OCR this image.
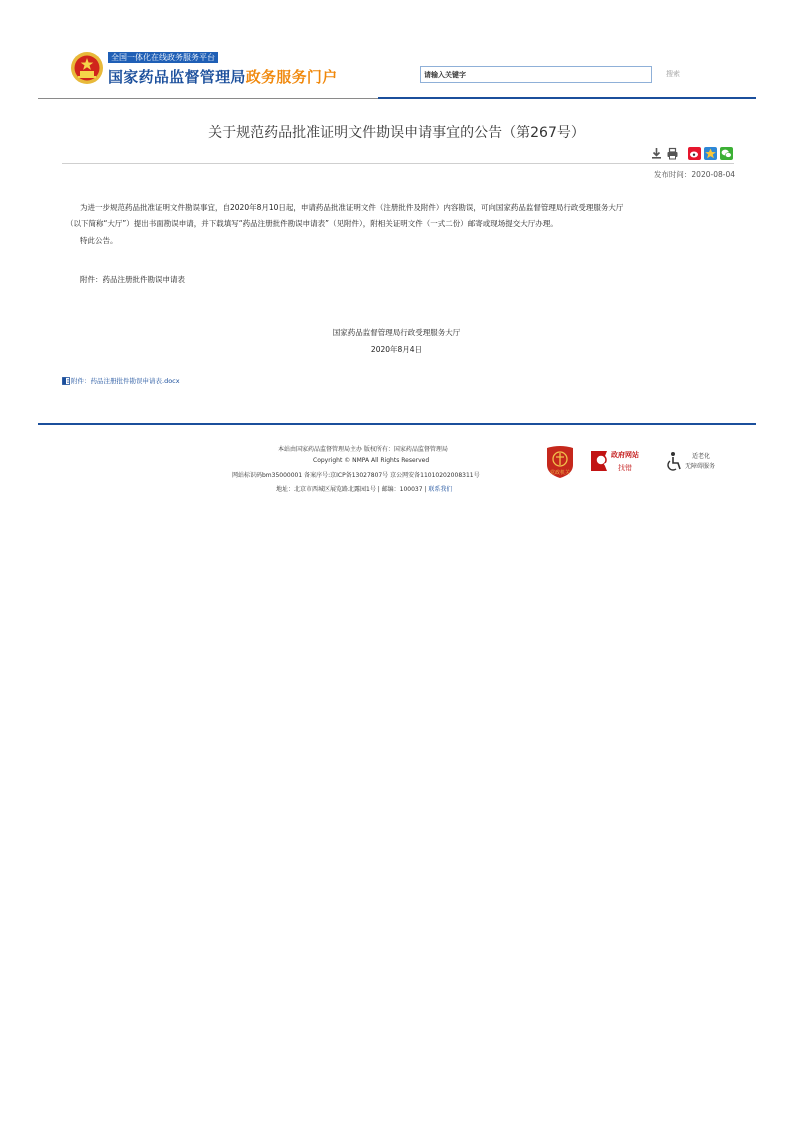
全国一体化在线政务服务平台
国家药品监督管理局政务服务门户
请输入关键字	搜索
关于规范药品批准证明文件勘误申请事宜的公告（第267号）
发布时间：2020-08-04
为进一步规范药品批准证明文件勘误事宜，自2020年8月10日起，申请药品批准证明文件（注册批件及附件）内容勘误，可向国家药品监督管理局行政受理服务大厅
（以下简称“大厅”）提出书面勘误申请，并下载填写“药品注册批件勘误申请表”（见附件），附相关证明文件（一式二份）邮寄或现场提交大厅办理。
特此公告。
附件：药品注册批件勘误申请表
国家药品监督管理局行政受理服务大厅
2020年8月4日
附件：药品注册批件勘误申请表.docx
本站由国家药品监督管理局主办 版权所有：国家药品监督管理局
Copyright © NMPA All Rights Reserved
网站标识码bm35000001 备案序号:京ICP备13027807号 京公网安备11010202008311号
地址：北京市西城区展览路北露园1号 | 邮编：100037 | 联系我们
党政机关
政府网站
找错
适老化
无障碍服务
